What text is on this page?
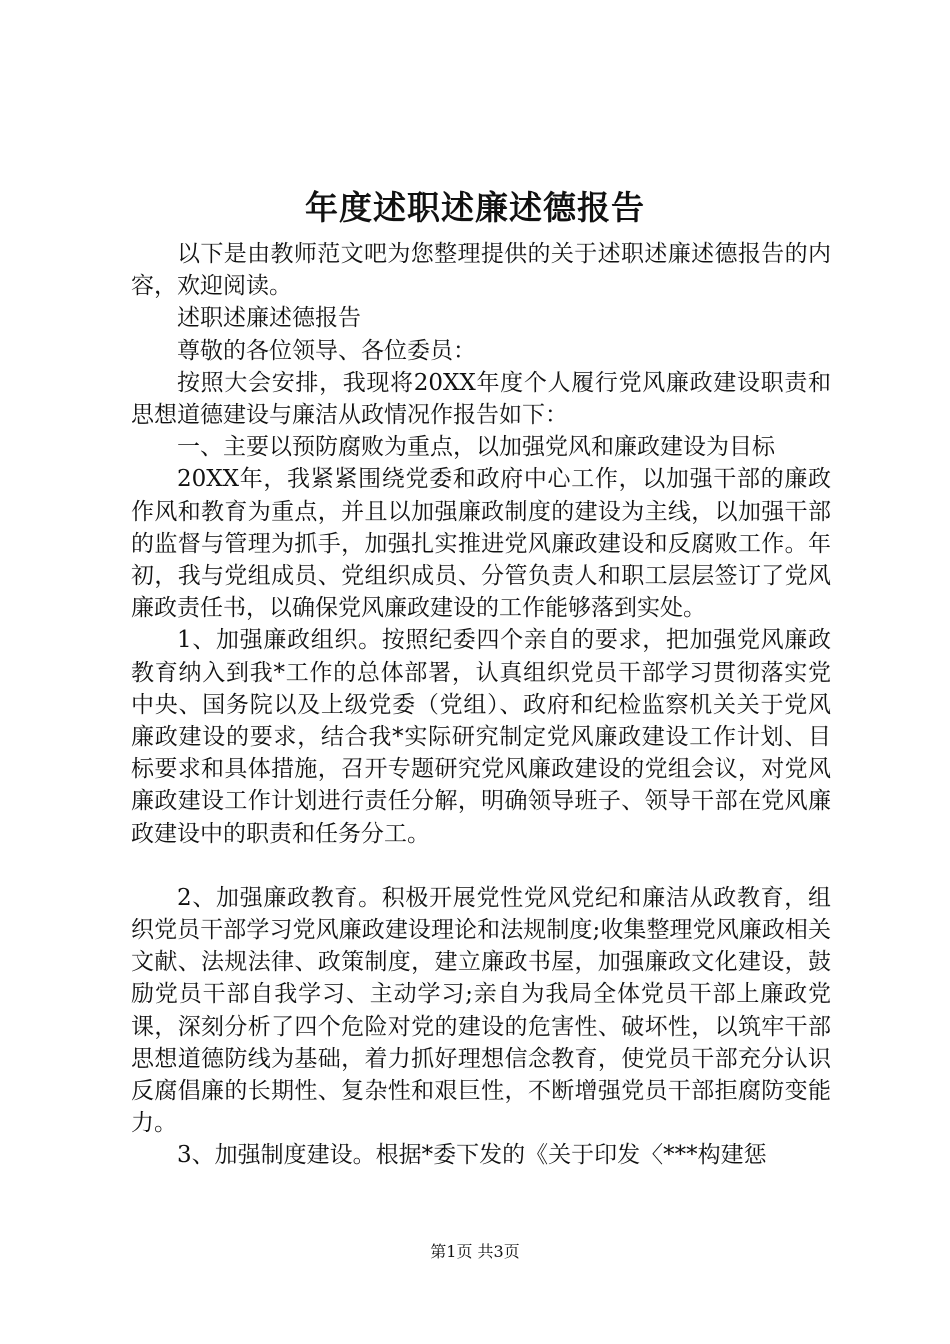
年度述职述廉述德报告

以下是由教师范文吧为您整理提供的关于述职述廉述德报告的内容，欢迎阅读。

述职述廉述德报告

尊敬的各位领导、各位委员：

按照大会安排，我现将20XX年度个人履行党风廉政建设职责和思想道德建设与廉洁从政情况作报告如下：

一、主要以预防腐败为重点，以加强党风和廉政建设为目标

20XX年，我紧紧围绕党委和政府中心工作，以加强干部的廉政作风和教育为重点，并且以加强廉政制度的建设为主线，以加强干部的监督与管理为抓手，加强扎实推进党风廉政建设和反腐败工作。年初，我与党组成员、党组织成员、分管负责人和职工层层签订了党风廉政责任书，以确保党风廉政建设的工作能够落到实处。

1、加强廉政组织。按照纪委四个亲自的要求，把加强党风廉政教育纳入到我*工作的总体部署，认真组织党员干部学习贯彻落实党中央、国务院以及上级党委（党组）、政府和纪检监察机关关于党风廉政建设的要求，结合我*实际研究制定党风廉政建设工作计划、目标要求和具体措施，召开专题研究党风廉政建设的党组会议，对党风廉政建设工作计划进行责任分解，明确领导班子、领导干部在党风廉政建设中的职责和任务分工。

2、加强廉政教育。积极开展党性党风党纪和廉洁从政教育，组织党员干部学习党风廉政建设理论和法规制度;收集整理党风廉政相关文献、法规法律、政策制度，建立廉政书屋，加强廉政文化建设，鼓励党员干部自我学习、主动学习;亲自为我局全体党员干部上廉政党课，深刻分析了四个危险对党的建设的危害性、破坏性，以筑牢干部思想道德防线为基础，着力抓好理想信念教育，使党员干部充分认识反腐倡廉的长期性、复杂性和艰巨性，不断增强党员干部拒腐防变能力。

3、加强制度建设。根据*委下发的《关于印发〈***构建惩

第1页 共3页
